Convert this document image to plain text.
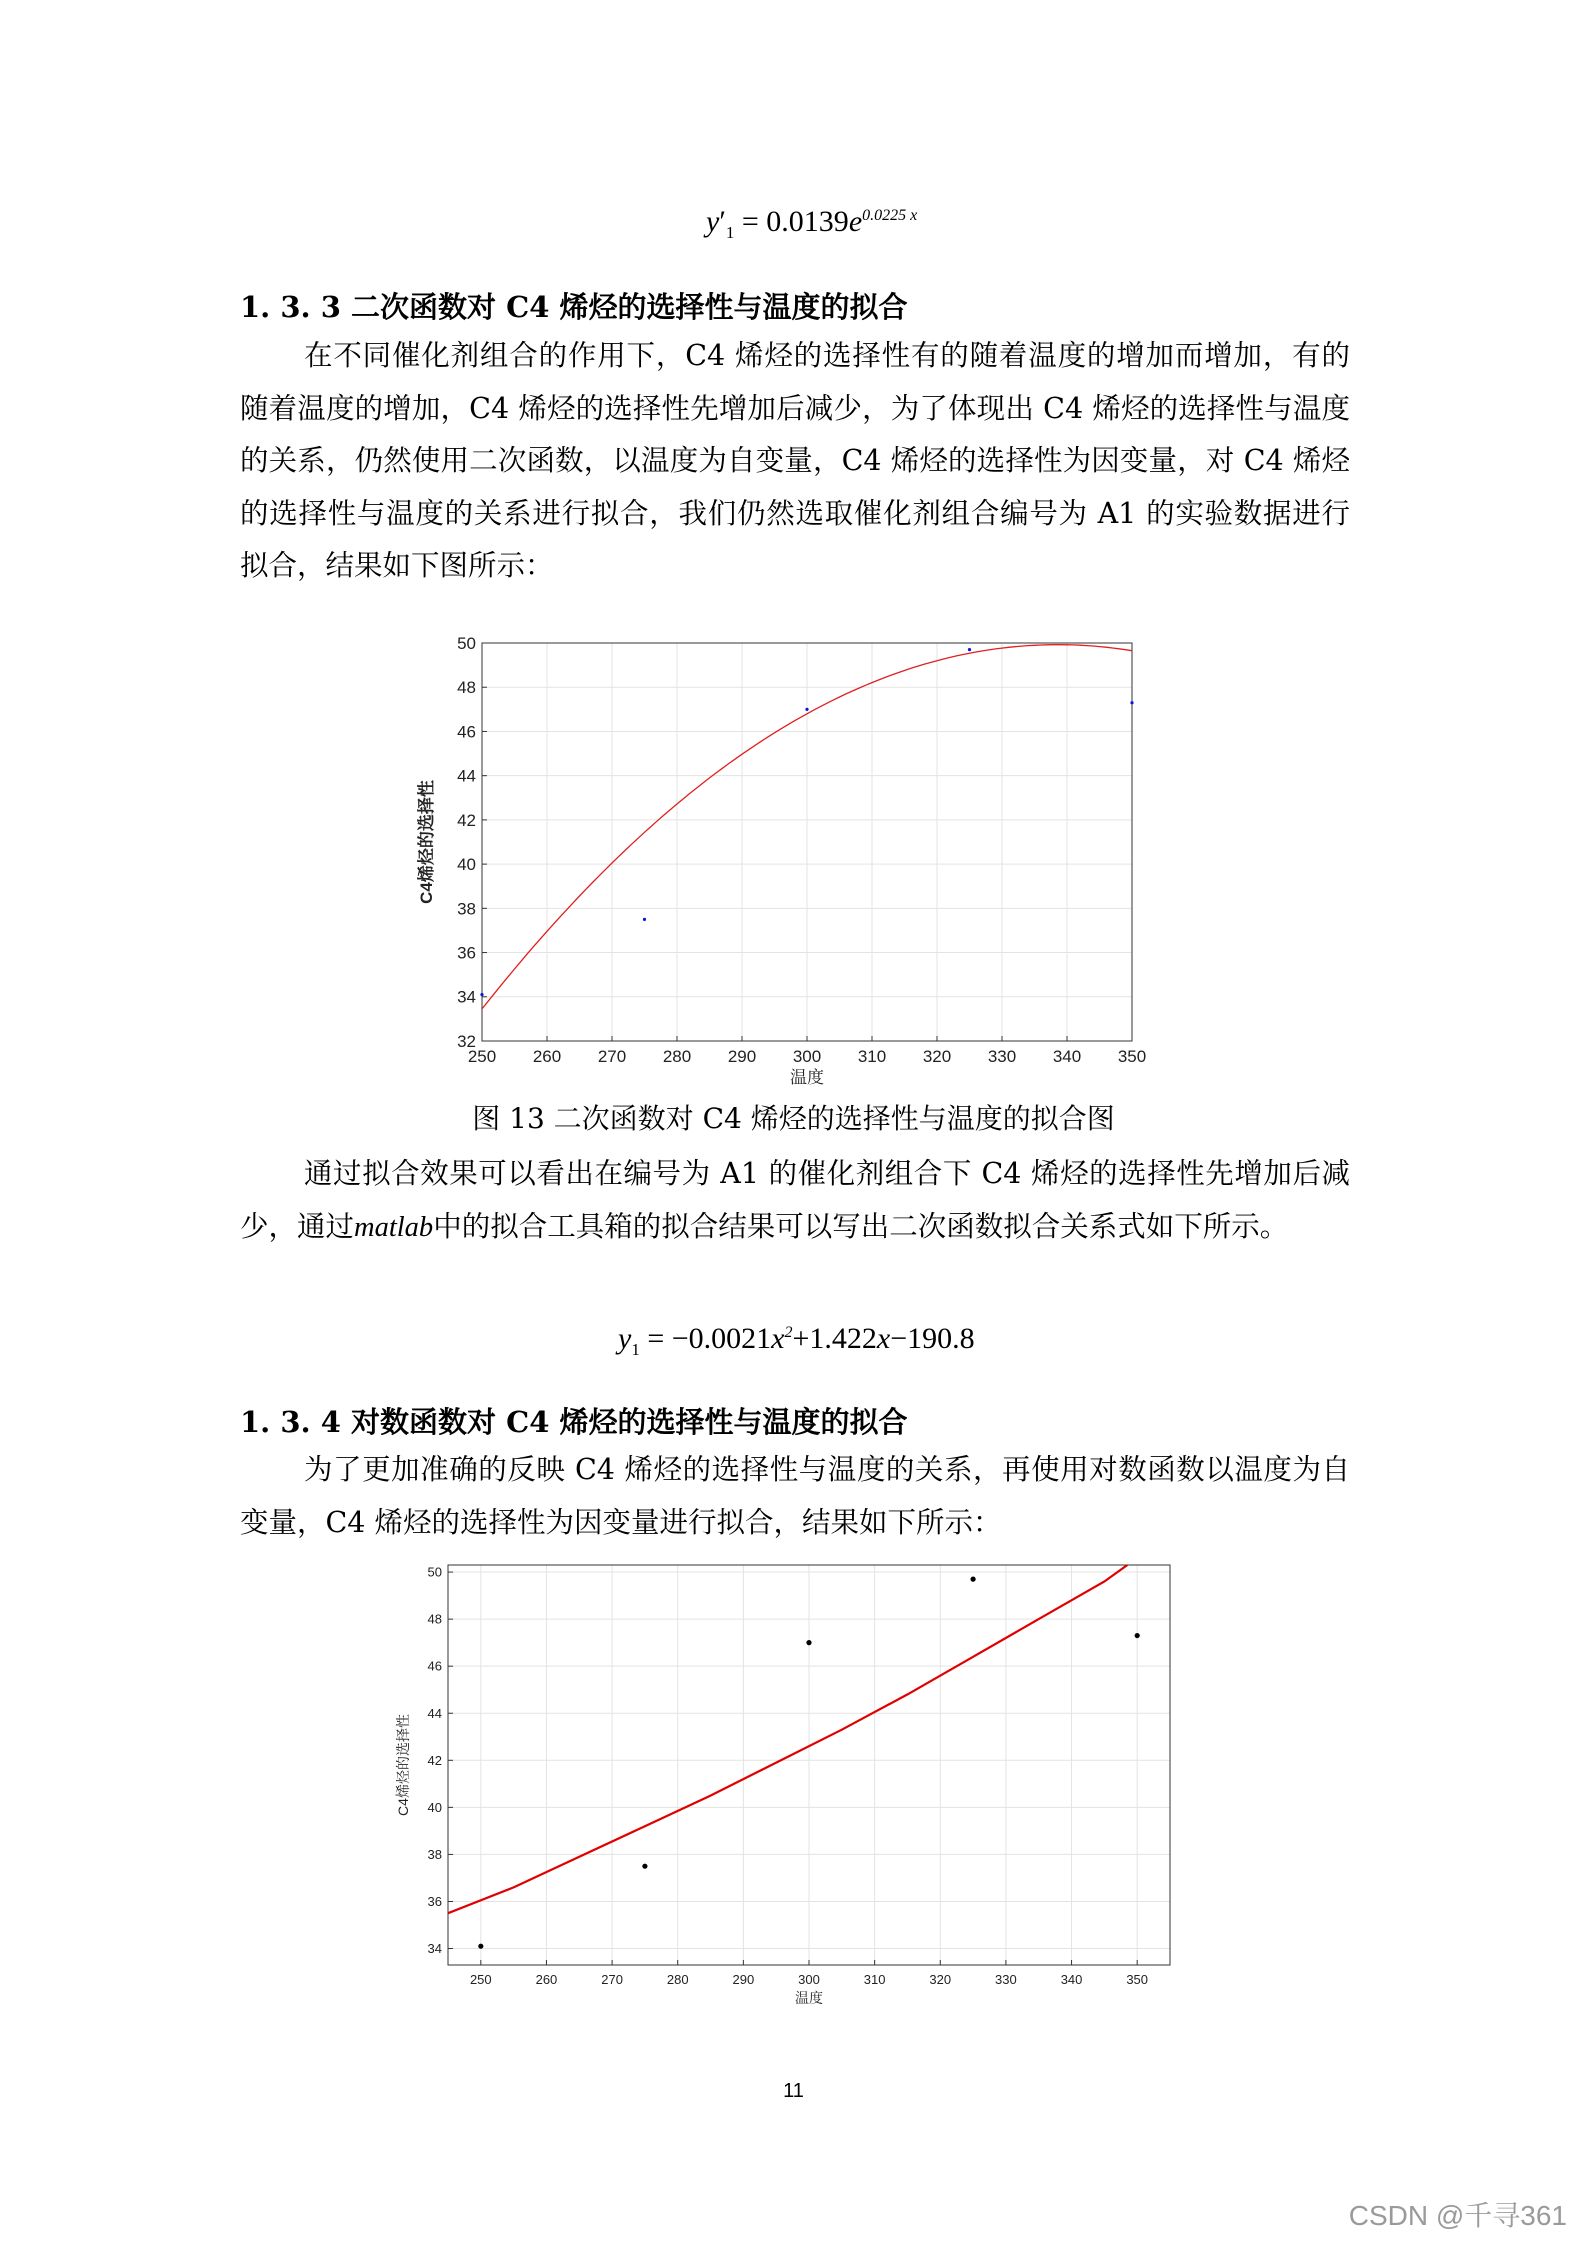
$y'_1 = 0.0139e^{0.0225 x}$
1. 3. 3 二次函数对 C4 烯烃的选择性与温度的拟合

在不同催化剂组合的作用下，C4 烯烃的选择性有的随着温度的增加而增加，有的随着温度的增加，C4 烯烃的选择性先增加后减少，为了体现出 C4 烯烃的选择性与温度的关系，仍然使用二次函数，以温度为自变量，C4 烯烃的选择性为因变量，对 C4 烯烃的选择性与温度的关系进行拟合，我们仍然选取催化剂组合编号为 A1 的实验数据进行拟合，结果如下图所示：

250 260 270 280 290 300 310 320 330 340 350
32
34
36
38
40
42
44
46
48
50
温度
C4烯烃的选择性
图 13 二次函数对 C4 烯烃的选择性与温度的拟合图

通过拟合效果可以看出在编号为 A1 的催化剂组合下 C4 烯烃的选择性先增加后减少，通过matlab中的拟合工具箱的拟合结果可以写出二次函数拟合关系式如下所示。

$y_1 = -0.0021x^2+1.422x-190.8$
1. 3. 4 对数函数对 C4 烯烃的选择性与温度的拟合

为了更加准确的反映 C4 烯烃的选择性与温度的关系，再使用对数函数以温度为自变量，C4 烯烃的选择性为因变量进行拟合，结果如下所示：

250	260	270	280	290	300	310	320	330	340	350
34
36
38
40
42
44
46
48
50
温度
C4烯烃的选择性
11
CSDN @千寻361
